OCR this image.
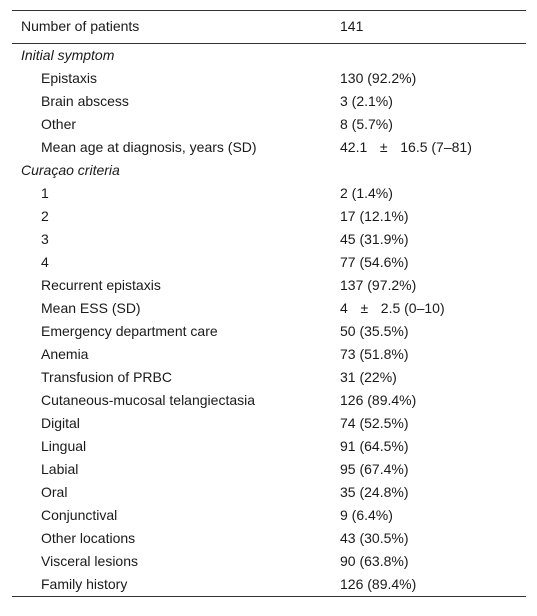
Number of patients	141
Initial symptom	
Epistaxis	130 (92.2%)
Brain abscess	3 (2.1%)
Other	8 (5.7%)
Mean age at diagnosis, years (SD)	42.1 ± 16.5 (7–81)
Curaçao criteria	
1	2 (1.4%)
2	17 (12.1%)
3	45 (31.9%)
4	77 (54.6%)
Recurrent epistaxis	137 (97.2%)
Mean ESS (SD)	4 ± 2.5 (0–10)
Emergency department care	50 (35.5%)
Anemia	73 (51.8%)
Transfusion of PRBC	31 (22%)
Cutaneous-mucosal telangiectasia	126 (89.4%)
Digital	74 (52.5%)
Lingual	91 (64.5%)
Labial	95 (67.4%)
Oral	35 (24.8%)
Conjunctival	9 (6.4%)
Other locations	43 (30.5%)
Visceral lesions	90 (63.8%)
Family history	126 (89.4%)
